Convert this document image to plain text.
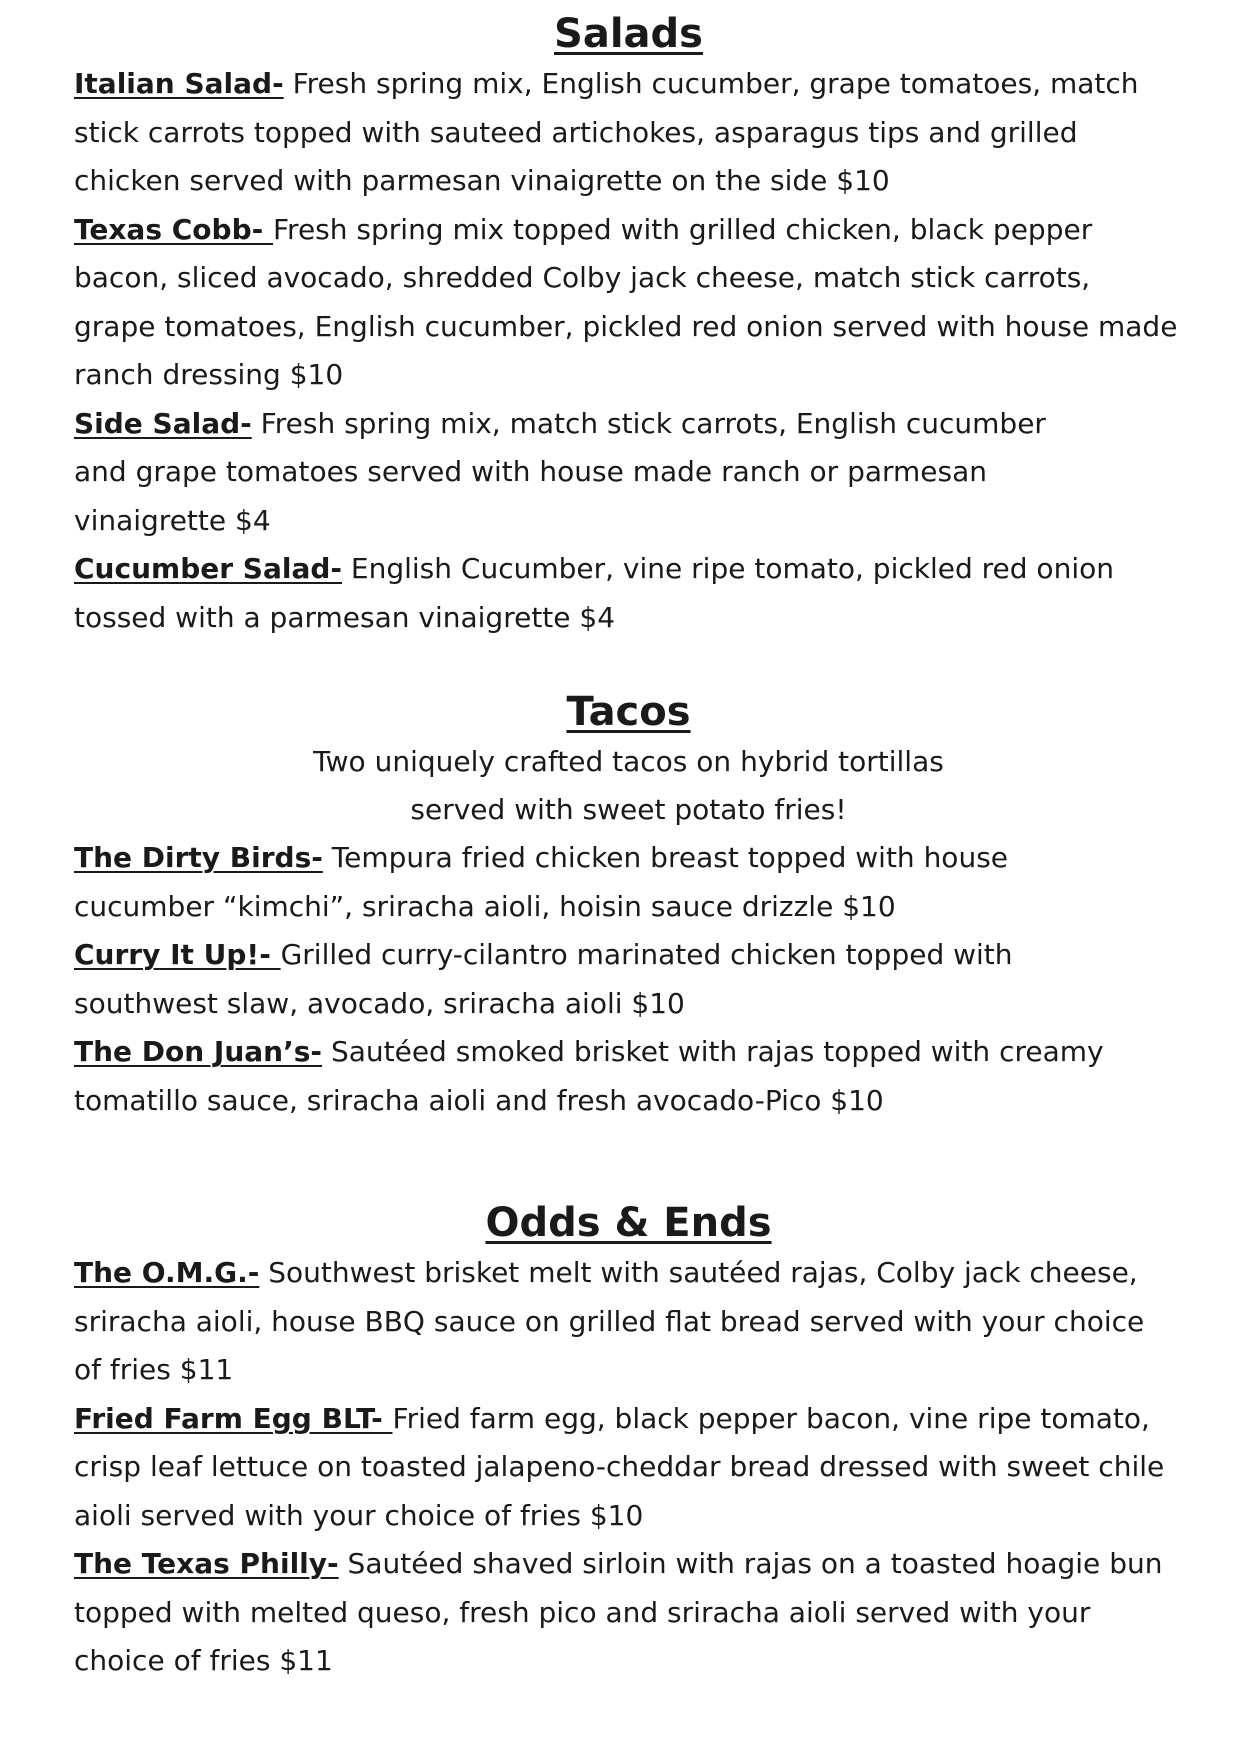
Salads

Italian Salad- Fresh spring mix, English cucumber, grape tomatoes, match stick carrots topped with sauteed artichokes, asparagus tips and grilled chicken served with parmesan vinaigrette on the side $10

Texas Cobb- Fresh spring mix topped with grilled chicken, black pepper bacon, sliced avocado, shredded Colby jack cheese, match stick carrots, grape tomatoes, English cucumber, pickled red onion served with house made ranch dressing $10

Side Salad- Fresh spring mix, match stick carrots, English cucumber and grape tomatoes served with house made ranch or parmesan vinaigrette $4

Cucumber Salad- English Cucumber, vine ripe tomato, pickled red onion tossed with a parmesan vinaigrette $4

Tacos

Two uniquely crafted tacos on hybrid tortillas

served with sweet potato fries!

The Dirty Birds- Tempura fried chicken breast topped with house cucumber “kimchi”, sriracha aioli, hoisin sauce drizzle $10

Curry It Up!- Grilled curry-cilantro marinated chicken topped with southwest slaw, avocado, sriracha aioli $10

The Don Juan’s- Sautéed smoked brisket with rajas topped with creamy tomatillo sauce, sriracha aioli and fresh avocado-Pico $10

Odds & Ends

The O.M.G.- Southwest brisket melt with sautéed rajas, Colby jack cheese, sriracha aioli, house BBQ sauce on grilled flat bread served with your choice of fries $11

Fried Farm Egg BLT- Fried farm egg, black pepper bacon, vine ripe tomato, crisp leaf lettuce on toasted jalapeno-cheddar bread dressed with sweet chile aioli served with your choice of fries $10

The Texas Philly- Sautéed shaved sirloin with rajas on a toasted hoagie bun topped with melted queso, fresh pico and sriracha aioli served with your choice of fries $11
